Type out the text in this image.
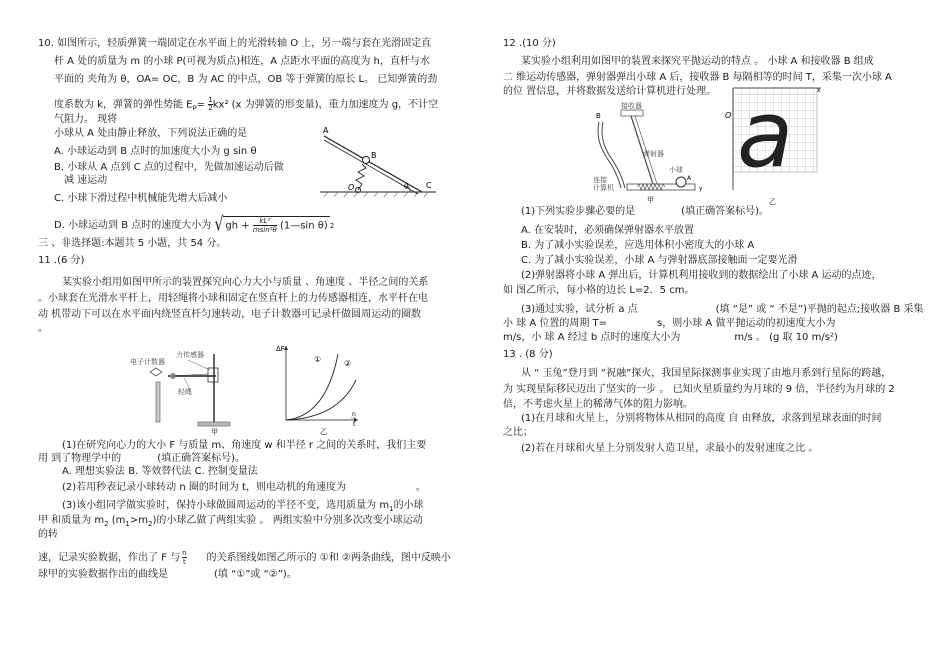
10. 如图所示，轻质弹簧一端固定在水平面上的光滑转轴 O 上，另一端与套在光滑固定直
杆 A 处的质量为 m 的小球 P(可视为质点)相连，A 点距水平面的高度为 h，直杆与水
平面的 夹角为 θ，OA= OC，B 为 AC 的中点，OB 等于弹簧的原长 L。 已知弹簧的劲
度系数为 k，弹簧的弹性势能 $E_P= \frac{1}{2} kx^2$ (x 为弹簧的形变量)，重力加速度为 g，不计空
气阻力。 现将
小球从 A 处由静止释放，下列说法正确的是
A. 小球运动到 B 点时的加速度大小为 g sin θ
B. 小球从 A 点到 C 点的过程中，先做加速运动后做
减 速运动
C. 小球下滑过程中机械能先增大后减小
D. 小球运动到 B 点时的速度大小为 √ gh + $\frac{\text{kL²}}{\text{msin²θ}}$ (1—sin θ) 2
A
B
C
O	θ
三 、非选择题:本题共 5 小题，共 54 分。
11 .(6 分)
某实验小组用如图甲所示的装置探究向心力大小与质量 、角速度 、半径之间的关系
。小球套在光滑水平杆上，用轻绳将小球和固定在竖直杆上的力传感器相连，水平杆在电
动 机带动下可以在水平面内绕竖直杆匀速转动，电子计数器可记录杆做圆周运动的圈数
。
电子计数器
力传感器
轻绳
甲
ΔF
①	②
n
t
乙
(1)在研究向心力的大小 F 与质量 m、角速度 w 和半径 r 之间的关系时，我们主要
用 到了物理学中的	(填正确答案标号)。
A. 理想实验法 B. 等效替代法 C. 控制变量法
(2)若用秒表记录小球转动 n 圈的时间为 t，则电动机的角速度为	。
(3)该小组同学做实验时，保持小球做圆周运动的半径不变，选用质量为 $m_1$的小球
甲 和质量为 $m_2$ $(m_1>m_2)$的小球乙做了两组实验 。 两组实验中分别多次改变小球运动
的转
速，记录实验数据，作出了 F 与 $\frac{n}{t}$ 的关系图线如图乙所示的 ①和 ②两条曲线，图中反映小
球甲的实验数据作出的曲线是	(填 “①”或 “②”)。
12 .(10 分)
某实验小组利用如图甲的装置来探究平抛运动的特点 。 小球 A 和接收器 B 组成
二 维运动传感器，弹射器弹出小球 A 后，接收器 B 每隔相等的时间 T，采集一次小球 A
的位 置信息，并将数据发送给计算机进行处理。
接收器
B
弹射器
小球
连接
计算机
A
甲
O
x
y
a
乙
(1)下列实验步骤必要的是	(填正确答案标号)。
A. 在安装时，必须确保弹射器水平放置
B. 为了减小实验误差，应选用体积小密度大的小球 A
C. 为了减小实验误差，小球 A 与弹射器底部接触面一定要光滑
(2)弹射器将小球 A 弹出后，计算机利用接收到的数据绘出了小球 A 运动的点迹，
如 图乙所示，每小格的边长 L=2．5 cm。
(3)通过实验，试分析 a 点	(填 “是” 或 “ 不是”)平抛的起点;接收器 B 采集
小 球 A 位置的周期 T=	s，则小球 A 做平抛运动的初速度大小为
m/s，小 球 A 经过 b 点时的速度大小为	m/s 。 (g 取 10 m/s²)
13 . (8 分)
从 “ 玉兔”登月到 “祝融”探火，我国星际探测事业实现了由地月系到行星际的跨越，
为 实现星际移民迈出了坚实的一步 。 已知火星质量约为月球的 9 倍，半径约为月球的 2
倍，不考虑火星上的稀薄气体的阻力影响。
(1)在月球和火星上，分别将物体从相同的高度 自 由释放，求落到星球表面的时间
之比；
(2)若在月球和火星上分别发射人造卫星，求最小的发射速度之比 。
